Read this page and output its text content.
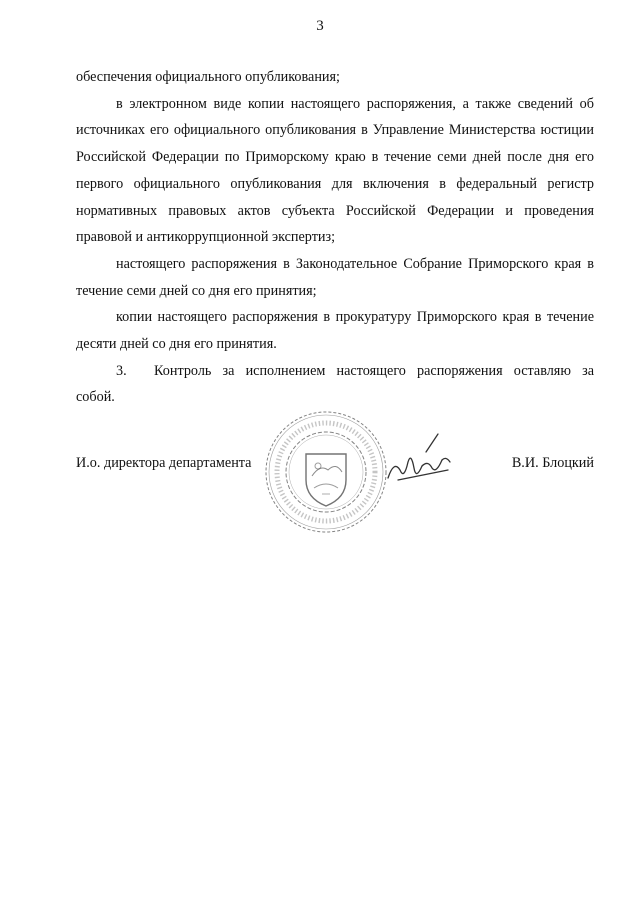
3

обеспечения официального опубликования;

в электронном виде копии настоящего распоряжения, а также сведений об источниках его официального опубликования в Управление Министерства юстиции Российской Федерации по Приморскому краю в течение семи дней после дня его первого официального опубликования для включения в федеральный регистр нормативных правовых актов субъекта Российской Федерации и проведения правовой и антикоррупционной экспертиз;

настоящего распоряжения в Законодательное Собрание Приморского края в течение семи дней со дня его принятия;

копии настоящего распоряжения в прокуратуру Приморского края в течение десяти дней со дня его принятия.

3.	Контроль за исполнением настоящего распоряжения оставляю за

собой.

И.о. директора департамента	В.И. Блоцкий
